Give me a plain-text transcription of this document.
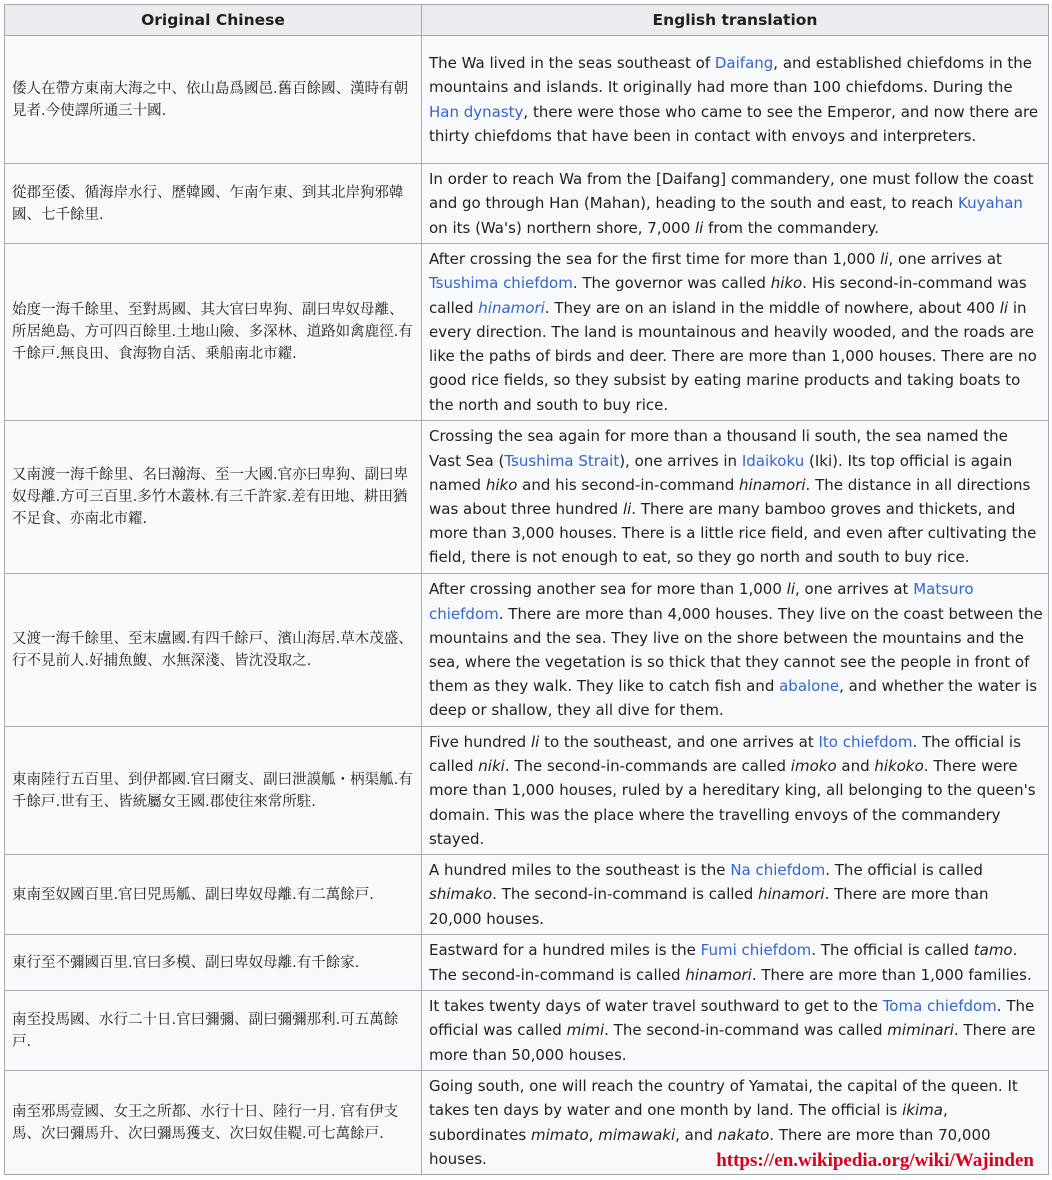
Original Chinese	English translation
倭人在帶方東南大海之中、依山島爲國邑.舊百餘國、漢時有朝見者.今使譯所通三十國.	The Wa lived in the seas southeast of Daifang, and established chiefdoms in the mountains and islands. It originally had more than 100 chiefdoms. During the Han dynasty, there were those who came to see the Emperor, and now there are thirty chiefdoms that have been in contact with envoys and interpreters.
從郡至倭、循海岸水行、歷韓國、乍南乍東、到其北岸狗邪韓國、七千餘里.	In order to reach Wa from the [Daifang] commandery, one must follow the coast and go through Han (Mahan), heading to the south and east, to reach Kuyahan on its (Wa's) northern shore, 7,000 li from the commandery.
始度一海千餘里、至對馬國、其大官曰卑狗、副曰卑奴母離、所居絶島、方可四百餘里.土地山險、多深林、道路如禽鹿徑.有千餘戸.無良田、食海物自活、乗船南北市糴.	After crossing the sea for the first time for more than 1,000 li, one arrives at Tsushima chiefdom. The governor was called hiko. His second-in-command was called hinamori. They are on an island in the middle of nowhere, about 400 li in every direction. The land is mountainous and heavily wooded, and the roads are like the paths of birds and deer. There are more than 1,000 houses. There are no good rice fields, so they subsist by eating marine products and taking boats to the north and south to buy rice.
又南渡一海千餘里、名曰瀚海、至一大國.官亦曰卑狗、副曰卑奴母離.方可三百里.多竹木叢林.有三千許家.差有田地、耕田猶不足食、亦南北市糴.	Crossing the sea again for more than a thousand li south, the sea named the Vast Sea (Tsushima Strait), one arrives in Idaikoku (Iki). Its top official is again named hiko and his second-in-command hinamori. The distance in all directions was about three hundred li. There are many bamboo groves and thickets, and more than 3,000 houses. There is a little rice field, and even after cultivating the field, there is not enough to eat, so they go north and south to buy rice.
又渡一海千餘里、至末盧國.有四千餘戸、濱山海居.草木茂盛、行不見前人.好捕魚鰒、水無深淺、皆沈没取之.	After crossing another sea for more than 1,000 li, one arrives at Matsuro chiefdom. There are more than 4,000 houses. They live on the coast between the mountains and the sea. They live on the shore between the mountains and the sea, where the vegetation is so thick that they cannot see the people in front of them as they walk. They like to catch fish and abalone, and whether the water is deep or shallow, they all dive for them.
東南陸行五百里、到伊都國.官曰爾支、副曰泄謨觚・柄渠觚.有千餘戸.世有王、皆統屬女王國.郡使往來常所駐.	Five hundred li to the southeast, and one arrives at Ito chiefdom. The official is called niki. The second-in-commands are called imoko and hikoko. There were more than 1,000 houses, ruled by a hereditary king, all belonging to the queen's domain. This was the place where the travelling envoys of the commandery stayed.
東南至奴國百里.官曰兕馬觚、副曰卑奴母離.有二萬餘戸.	A hundred miles to the southeast is the Na chiefdom. The official is called shimako. The second-in-command is called hinamori. There are more than 20,000 houses.
東行至不彌國百里.官曰多模、副曰卑奴母離.有千餘家.	Eastward for a hundred miles is the Fumi chiefdom. The official is called tamo. The second-in-command is called hinamori. There are more than 1,000 families.
南至投馬國、水行二十日.官曰彌彌、副曰彌彌那利.可五萬餘戸.	It takes twenty days of water travel southward to get to the Toma chiefdom. The official was called mimi. The second-in-command was called miminari. There are more than 50,000 houses.
南至邪馬壹國、女王之所都、水行十日、陸行一月. 官有伊支馬、次曰彌馬升、次曰彌馬獲支、次曰奴佳鞮.可七萬餘戸.	Going south, one will reach the country of Yamatai, the capital of the queen. It takes ten days by water and one month by land. The official is ikima, subordinates mimato, mimawaki, and nakato. There are more than 70,000 houses.	https://en.wikipedia.org/wiki/Wajinden
